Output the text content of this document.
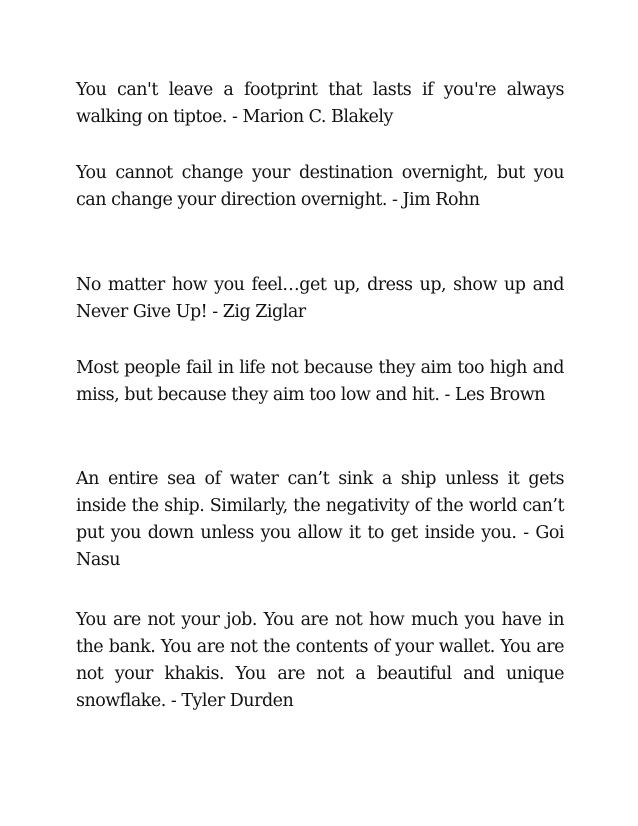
You can't leave a footprint that lasts if you're always walking on tiptoe. - Marion C. Blakely

You cannot change your destination overnight, but you can change your direction overnight. - Jim Rohn

No matter how you feel…get up, dress up, show up and Never Give Up! - Zig Ziglar

Most people fail in life not because they aim too high and miss, but because they aim too low and hit. - Les Brown

An entire sea of water can’t sink a ship unless it gets inside the ship. Similarly, the negativity of the world can’t put you down unless you allow it to get inside you. - Goi Nasu

You are not your job. You are not how much you have in the bank. You are not the contents of your wallet. You are not your khakis. You are not a beautiful and unique snowflake. - Tyler Durden
